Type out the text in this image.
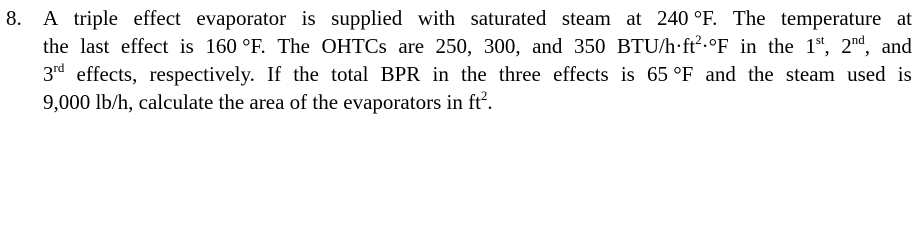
8.	A triple effect evaporator is supplied with saturated steam at 240 °F. The temperature at
the last effect is 160 °F. The OHTCs are 250, 300, and 350 BTU/$h\cdot ft^2\cdot^\circ F$ in the 1st, 2nd, and
3rd effects, respectively. If the total BPR in the three effects is 65 °F and the steam used is
9,000 lb/h, calculate the area of the evaporators in $ft^2$.
